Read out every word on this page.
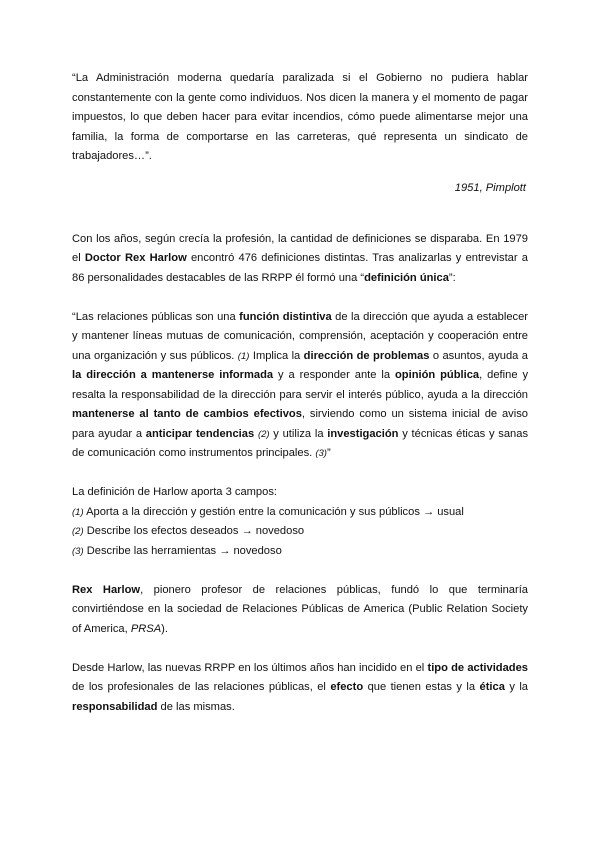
“La Administración moderna quedaría paralizada si el Gobierno no pudiera hablar constantemente con la gente como individuos. Nos dicen la manera y el momento de pagar impuestos, lo que deben hacer para evitar incendios, cómo puede alimentarse mejor una familia, la forma de comportarse en las carreteras, qué representa un sindicato de trabajadores…”.

1951, Pimplott

Con los años, según crecía la profesión, la cantidad de definiciones se disparaba. En 1979 el Doctor Rex Harlow encontró 476 definiciones distintas. Tras analizarlas y entrevistar a 86 personalidades destacables de las RRPP él formó una “definición única”:

“Las relaciones públicas son una función distintiva de la dirección que ayuda a establecer y mantener líneas mutuas de comunicación, comprensión, aceptación y cooperación entre una organización y sus públicos. (1) Implica la dirección de problemas o asuntos, ayuda a la dirección a mantenerse informada y a responder ante la opinión pública, define y resalta la responsabilidad de la dirección para servir el interés público, ayuda a la dirección mantenerse al tanto de cambios efectivos, sirviendo como un sistema inicial de aviso para ayudar a anticipar tendencias (2) y utiliza la investigación y técnicas éticas y sanas de comunicación como instrumentos principales. (3)”

La definición de Harlow aporta 3 campos:

(1) Aporta a la dirección y gestión entre la comunicación y sus públicos → usual

(2) Describe los efectos deseados → novedoso

(3) Describe las herramientas → novedoso

Rex Harlow, pionero profesor de relaciones públicas, fundó lo que terminaría convirtiéndose en la sociedad de Relaciones Públicas de America (Public Relation Society of America, PRSA).

Desde Harlow, las nuevas RRPP en los últimos años han incidido en el tipo de actividades de los profesionales de las relaciones públicas, el efecto que tienen estas y la ética y la responsabilidad de las mismas.
